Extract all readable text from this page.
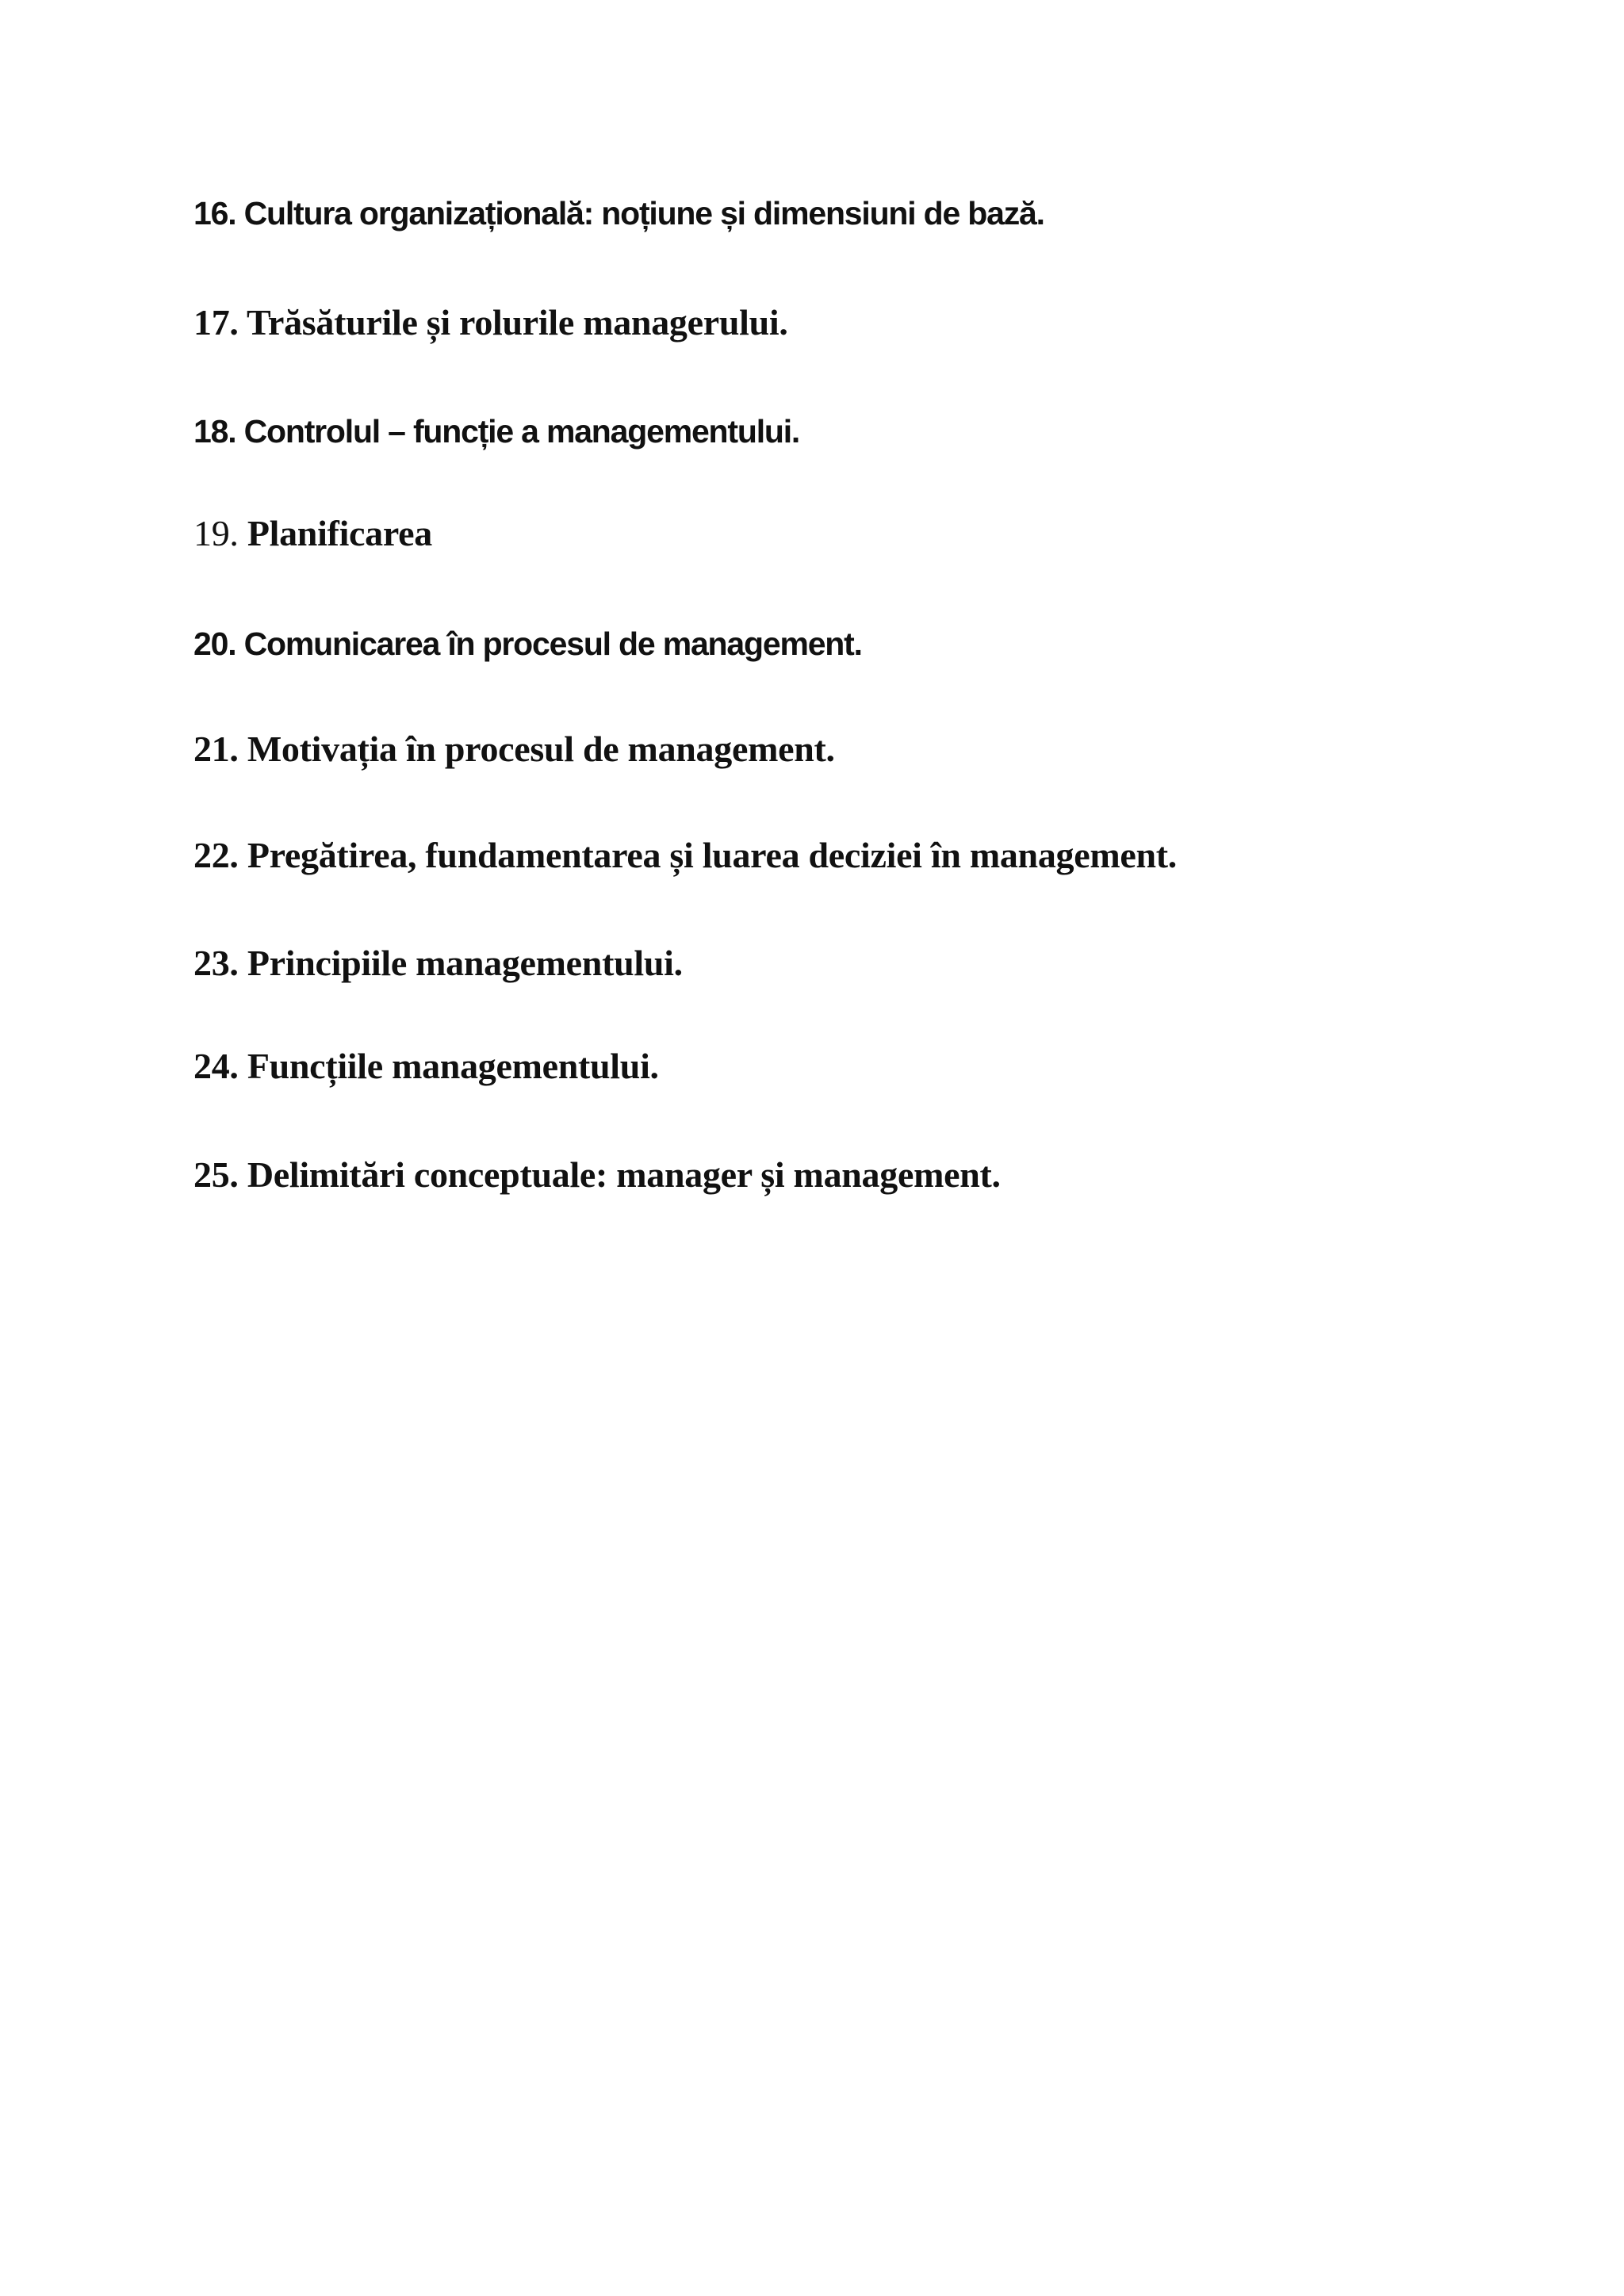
16. Cultura organizațională: noțiune și dimensiuni de bază.
17. Trăsăturile și rolurile managerului.
18. Controlul – funcție a managementului.
19. Planificarea
20. Comunicarea în procesul de management.
21. Motivația în procesul de management.
22. Pregătirea, fundamentarea și luarea deciziei în management.
23. Principiile managementului.
24. Funcțiile managementului.
25. Delimitări conceptuale: manager și management.
